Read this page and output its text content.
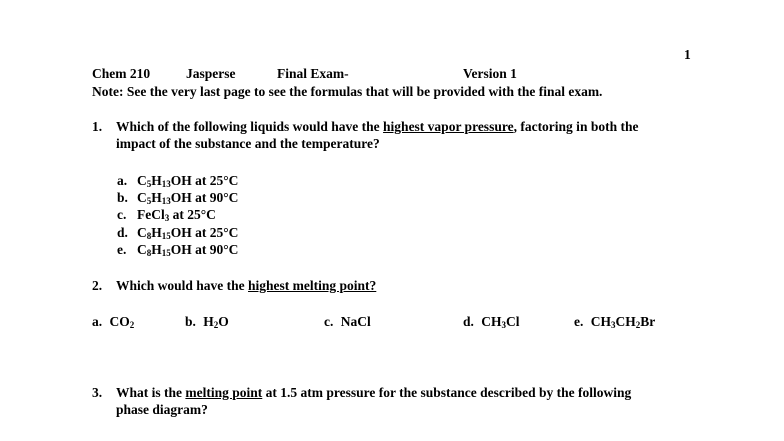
1
Chem 210	Jasperse	Final Exam-	Version 1
Note: See the very last page to see the formulas that will be provided with the final exam.
1. Which of the following liquids would have the highest vapor pressure, factoring in both the
impact of the substance and the temperature?
a. $C_5H_{13}OH$ at 25°C
b. $C_5H_{13}OH$ at 90°C
c. FeCl$_3$ at 25°C
d. $C_8H_{15}OH$ at 25°C
e. $C_8H_{15}OH$ at 90°C
2. Which would have the highest melting point?
a. $CO_2$	b. $H_2O$	c. NaCl	d. $CH_3Cl$	e. $CH_3CH_2Br$
3. What is the melting point at 1.5 atm pressure for the substance described by the following
phase diagram?
